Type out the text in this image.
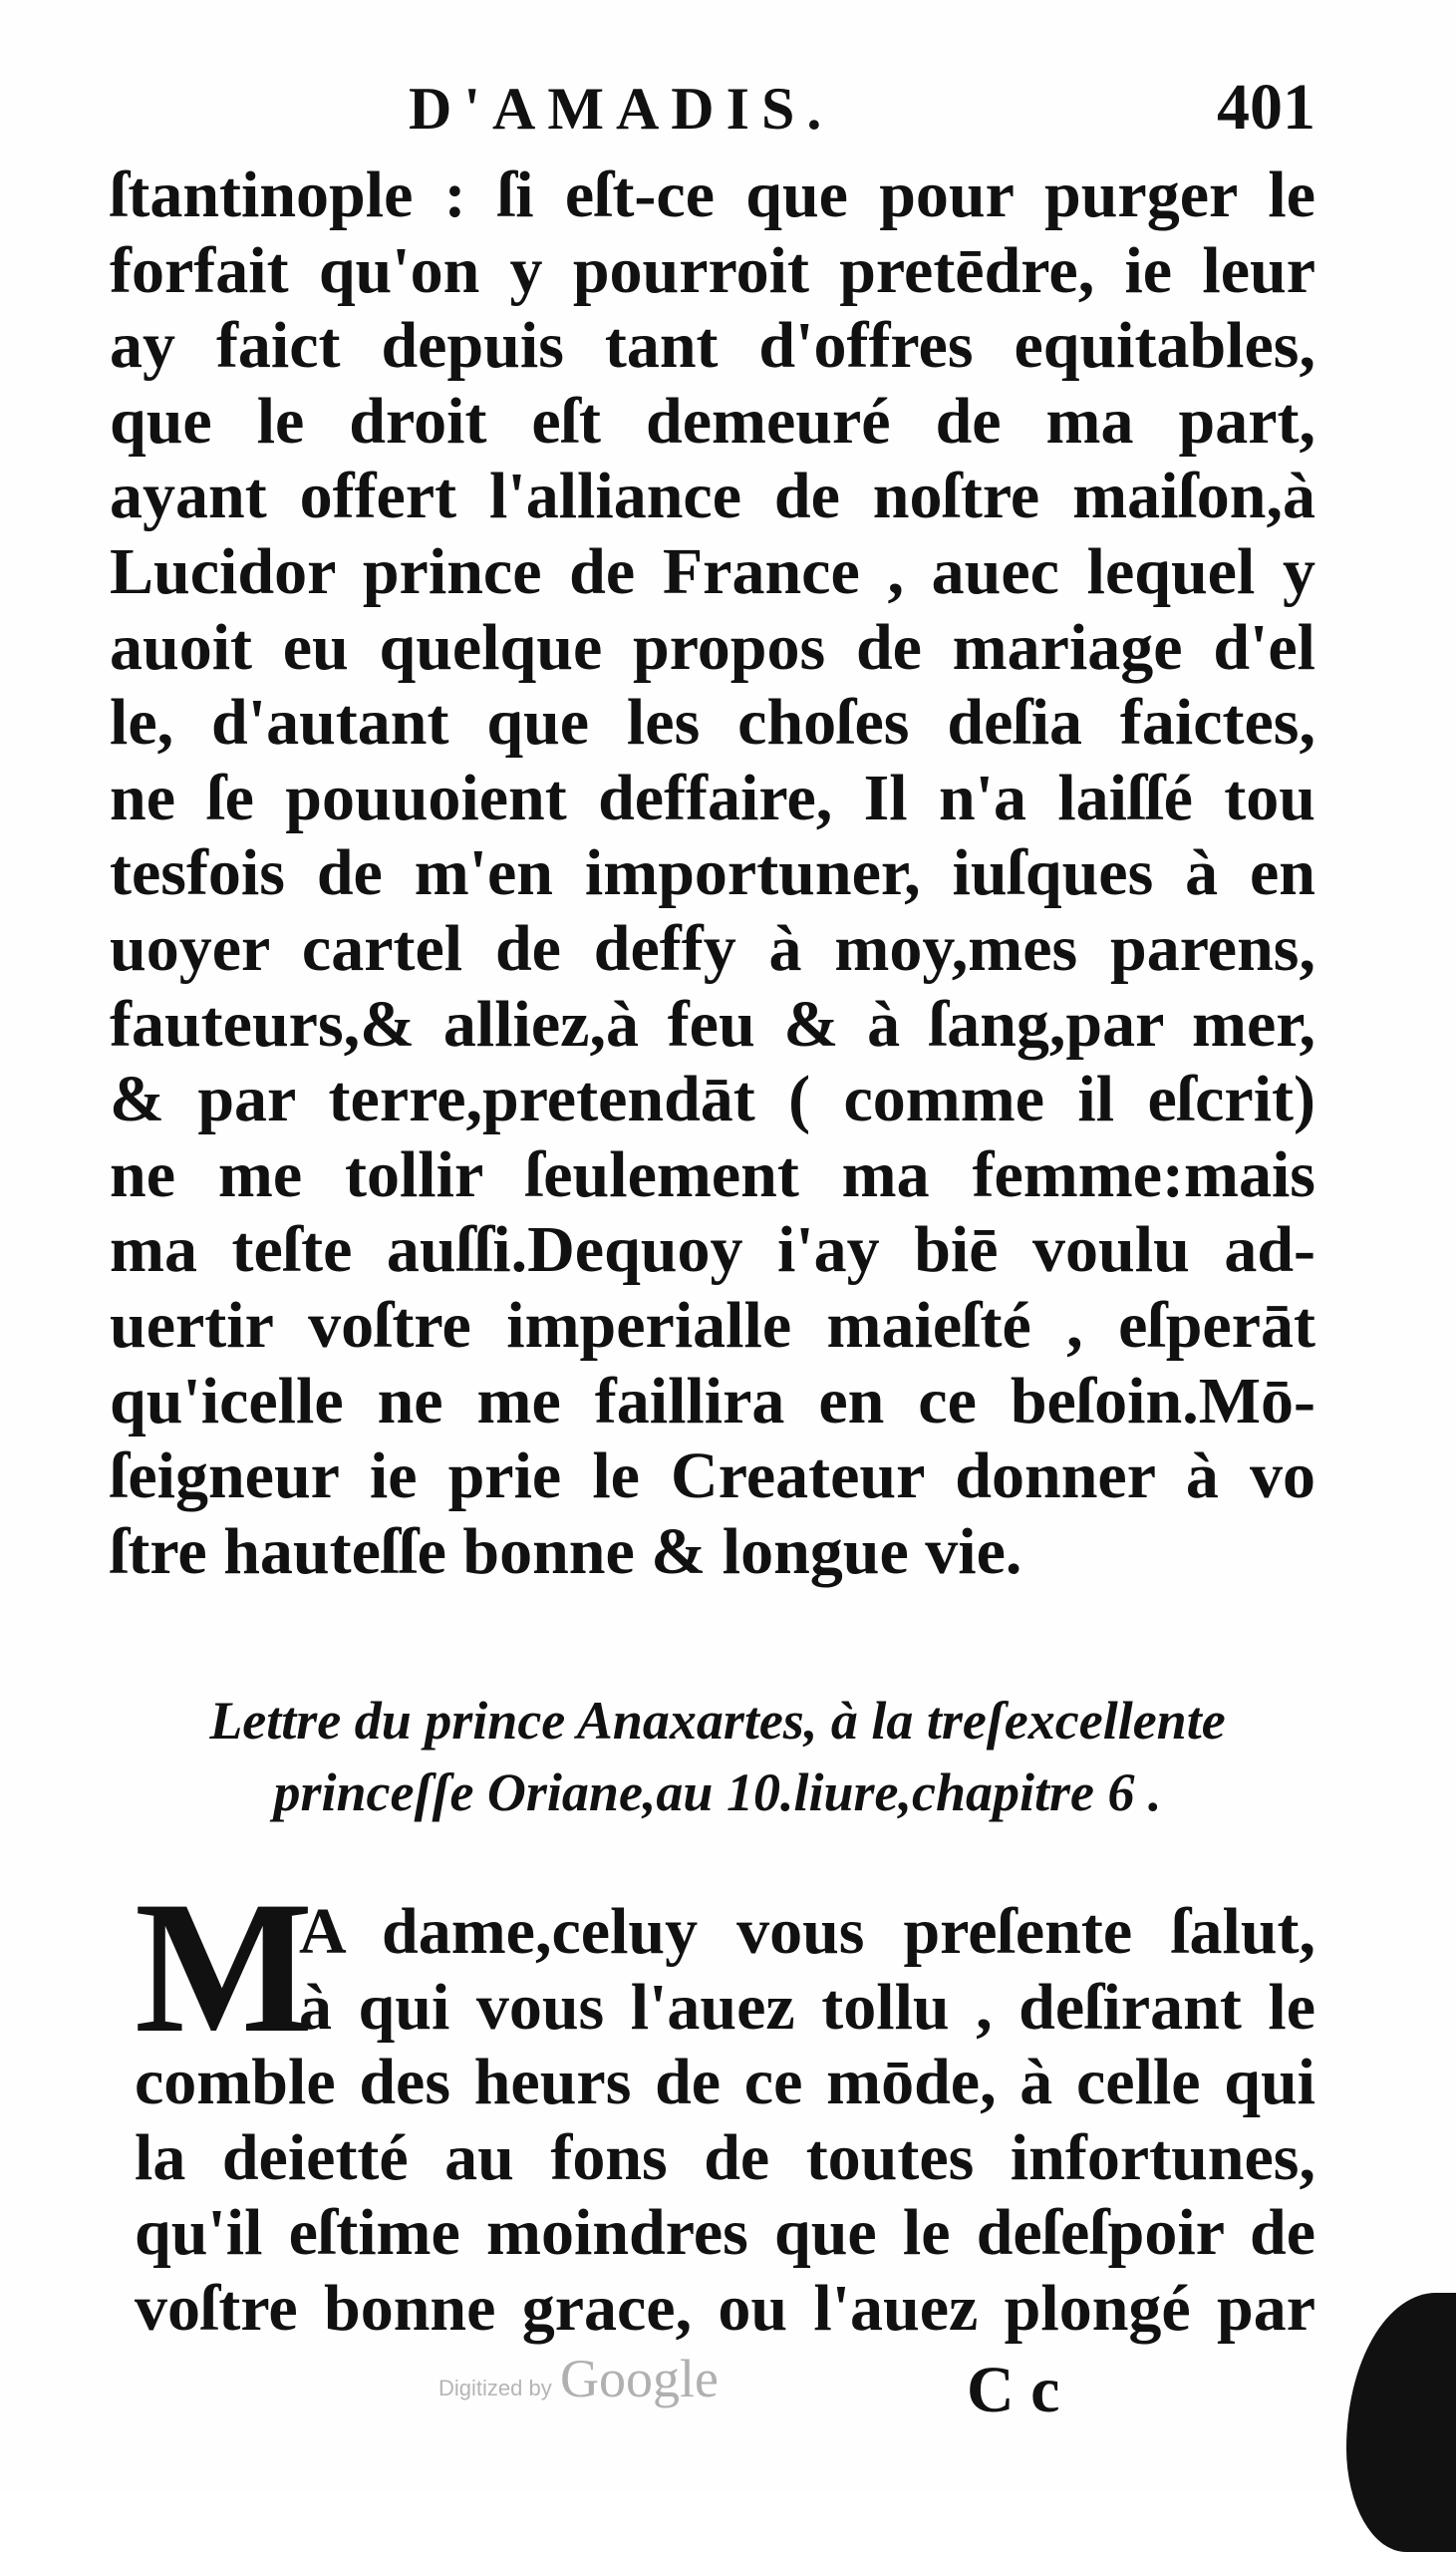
D'AMADIS.	401
ſtantinople : ſi eſt-ce que pour purger le
forfait qu'on y pourroit pretēdre, ie leur
ay faict depuis tant d'offres equitables,
que le droit eſt demeuré de ma part,
ayant offert l'alliance de noſtre maiſon,à
Lucidor prince de France , auec lequel y
auoit eu quelque propos de mariage d'el
le, d'autant que les choſes deſia faictes,
ne ſe pouuoient deffaire, Il n'a laiſſé tou
tesfois de m'en importuner, iuſques à en
uoyer cartel de deffy à moy,mes parens,
fauteurs,& alliez,à feu & à ſang,par mer,
& par terre,pretendāt ( comme il eſcrit)
ne me tollir ſeulement ma femme:mais
ma teſte auſſi.Dequoy i'ay biē voulu ad-
uertir voſtre imperialle maieſté , eſperāt
qu'icelle ne me faillira en ce beſoin.Mō-
ſeigneur ie prie le Createur donner à vo
ſtre hauteſſe bonne & longue vie.
Lettre du prince Anaxartes, à la treſexcellente
princeſſe Oriane,au 10.liure,chapitre 6 .
M
A dame,celuy vous preſente ſalut,
à qui vous l'auez tollu , deſirant le
comble des heurs de ce mōde, à celle qui
la deietté au fons de toutes infortunes,
qu'il eſtime moindres que le deſeſpoir de
voſtre bonne grace, ou l'auez plongé par
Digitized by Google	C c
